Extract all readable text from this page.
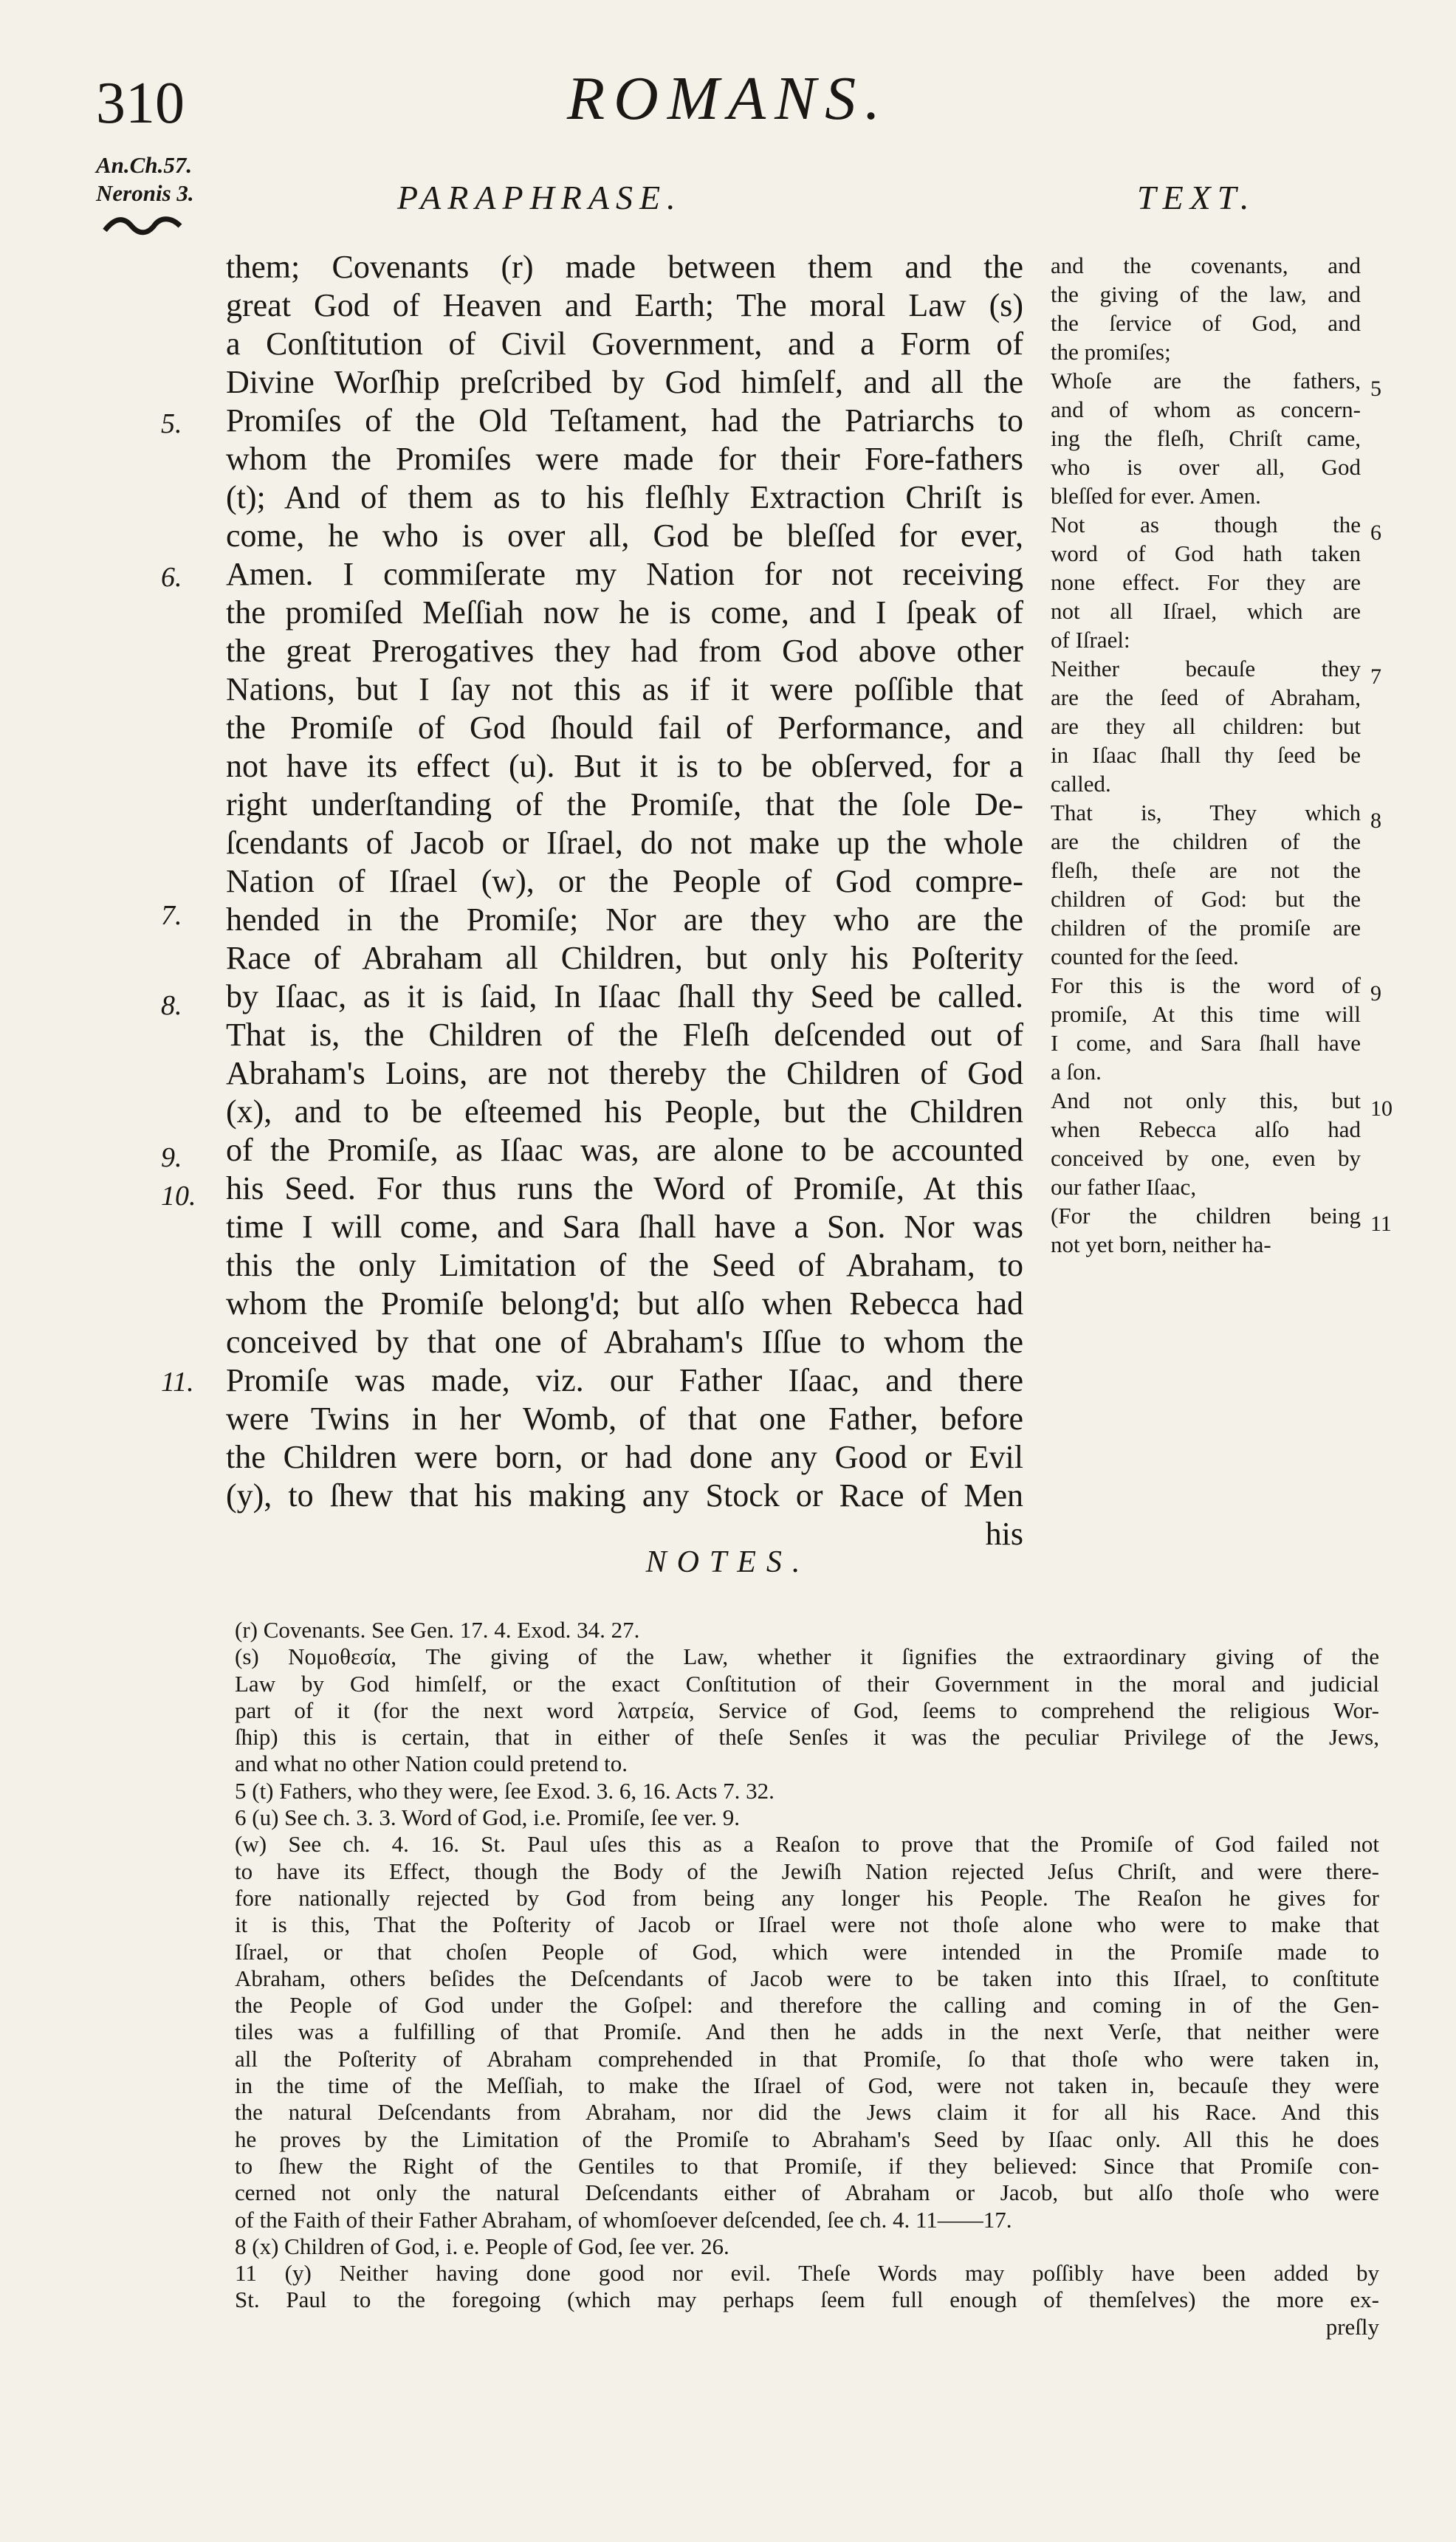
310	ROMANS.
An.Ch.57.
Neronis 3.	PARAPHRASE.	TEXT.
5.
6.
7.
8.
9.
10.
11.
them; Covenants (r) made between them and the
great God of Heaven and Earth; The moral Law (s)
a Conſtitution of Civil Government, and a Form of
Divine Worſhip preſcribed by God himſelf, and all the
Promiſes of the Old Teſtament, had the Patriarchs to
whom the Promiſes were made for their Fore-fathers
(t); And of them as to his fleſhly Extraction Chriſt is
come, he who is over all, God be bleſſed for ever,
Amen. I commiſerate my Nation for not receiving
the promiſed Meſſiah now he is come, and I ſpeak of
the great Prerogatives they had from God above other
Nations, but I ſay not this as if it were poſſible that
the Promiſe of God ſhould fail of Performance, and
not have its effect (u). But it is to be obſerved, for a
right underſtanding of the Promiſe, that the ſole De-
ſcendants of Jacob or Iſrael, do not make up the whole
Nation of Iſrael (w), or the People of God compre-
hended in the Promiſe; Nor are they who are the
Race of Abraham all Children, but only his Poſterity
by Iſaac, as it is ſaid, In Iſaac ſhall thy Seed be called.
That is, the Children of the Fleſh deſcended out of
Abraham's Loins, are not thereby the Children of God
(x), and to be eſteemed his People, but the Children
of the Promiſe, as Iſaac was, are alone to be accounted
his Seed. For thus runs the Word of Promiſe, At this
time I will come, and Sara ſhall have a Son. Nor was
this the only Limitation of the Seed of Abraham, to
whom the Promiſe belong'd; but alſo when Rebecca had
conceived by that one of Abraham's Iſſue to whom the
Promiſe was made, viz. our Father Iſaac, and there
were Twins in her Womb, of that one Father, before
the Children were born, or had done any Good or Evil
(y), to ſhew that his making any Stock or Race of Men
his
and the covenants, and
the giving of the law, and
the ſervice of God, and
the promiſes;
Whoſe are the fathers,
and of whom as concern-
ing the fleſh, Chriſt came,
who is over all, God
bleſſed for ever. Amen.
Not as though the
word of God hath taken
none effect. For they are
not all Iſrael, which are
of Iſrael:
Neither becauſe they
are the ſeed of Abraham,
are they all children: but
in Iſaac ſhall thy ſeed be
called.
That is, They which
are the children of the
fleſh, theſe are not the
children of God: but the
children of the promiſe are
counted for the ſeed.
For this is the word of
promiſe, At this time will
I come, and Sara ſhall have
a ſon.
And not only this, but
when Rebecca alſo had
conceived by one, even by
our father Iſaac,
(For the children being
not yet born, neither ha-
5
6
7
8
9
10
11
NOTES.
(r) Covenants. See Gen. 17. 4. Exod. 34. 27.
(s) Νομοθεσία, The giving of the Law, whether it ſignifies the extraordinary giving of the
Law by God himſelf, or the exact Conſtitution of their Government in the moral and judicial
part of it (for the next word λατρεία, Service of God, ſeems to comprehend the religious Wor-
ſhip) this is certain, that in either of theſe Senſes it was the peculiar Privilege of the Jews,
and what no other Nation could pretend to.
5 (t) Fathers, who they were, ſee Exod. 3. 6, 16. Acts 7. 32.
6 (u) See ch. 3. 3. Word of God, i.e. Promiſe, ſee ver. 9.
(w) See ch. 4. 16. St. Paul uſes this as a Reaſon to prove that the Promiſe of God failed not
to have its Effect, though the Body of the Jewiſh Nation rejected Jeſus Chriſt, and were there-
fore nationally rejected by God from being any longer his People. The Reaſon he gives for
it is this, That the Poſterity of Jacob or Iſrael were not thoſe alone who were to make that
Iſrael, or that choſen People of God, which were intended in the Promiſe made to
Abraham, others beſides the Deſcendants of Jacob were to be taken into this Iſrael, to conſtitute
the People of God under the Goſpel: and therefore the calling and coming in of the Gen-
tiles was a fulfilling of that Promiſe. And then he adds in the next Verſe, that neither were
all the Poſterity of Abraham comprehended in that Promiſe, ſo that thoſe who were taken in,
in the time of the Meſſiah, to make the Iſrael of God, were not taken in, becauſe they were
the natural Deſcendants from Abraham, nor did the Jews claim it for all his Race. And this
he proves by the Limitation of the Promiſe to Abraham's Seed by Iſaac only. All this he does
to ſhew the Right of the Gentiles to that Promiſe, if they believed: Since that Promiſe con-
cerned not only the natural Deſcendants either of Abraham or Jacob, but alſo thoſe who were
of the Faith of their Father Abraham, of whomſoever deſcended, ſee ch. 4. 11——17.
8 (x) Children of God, i. e. People of God, ſee ver. 26.
11 (y) Neither having done good nor evil. Theſe Words may poſſibly have been added by
St. Paul to the foregoing (which may perhaps ſeem full enough of themſelves) the more ex-
preſly
